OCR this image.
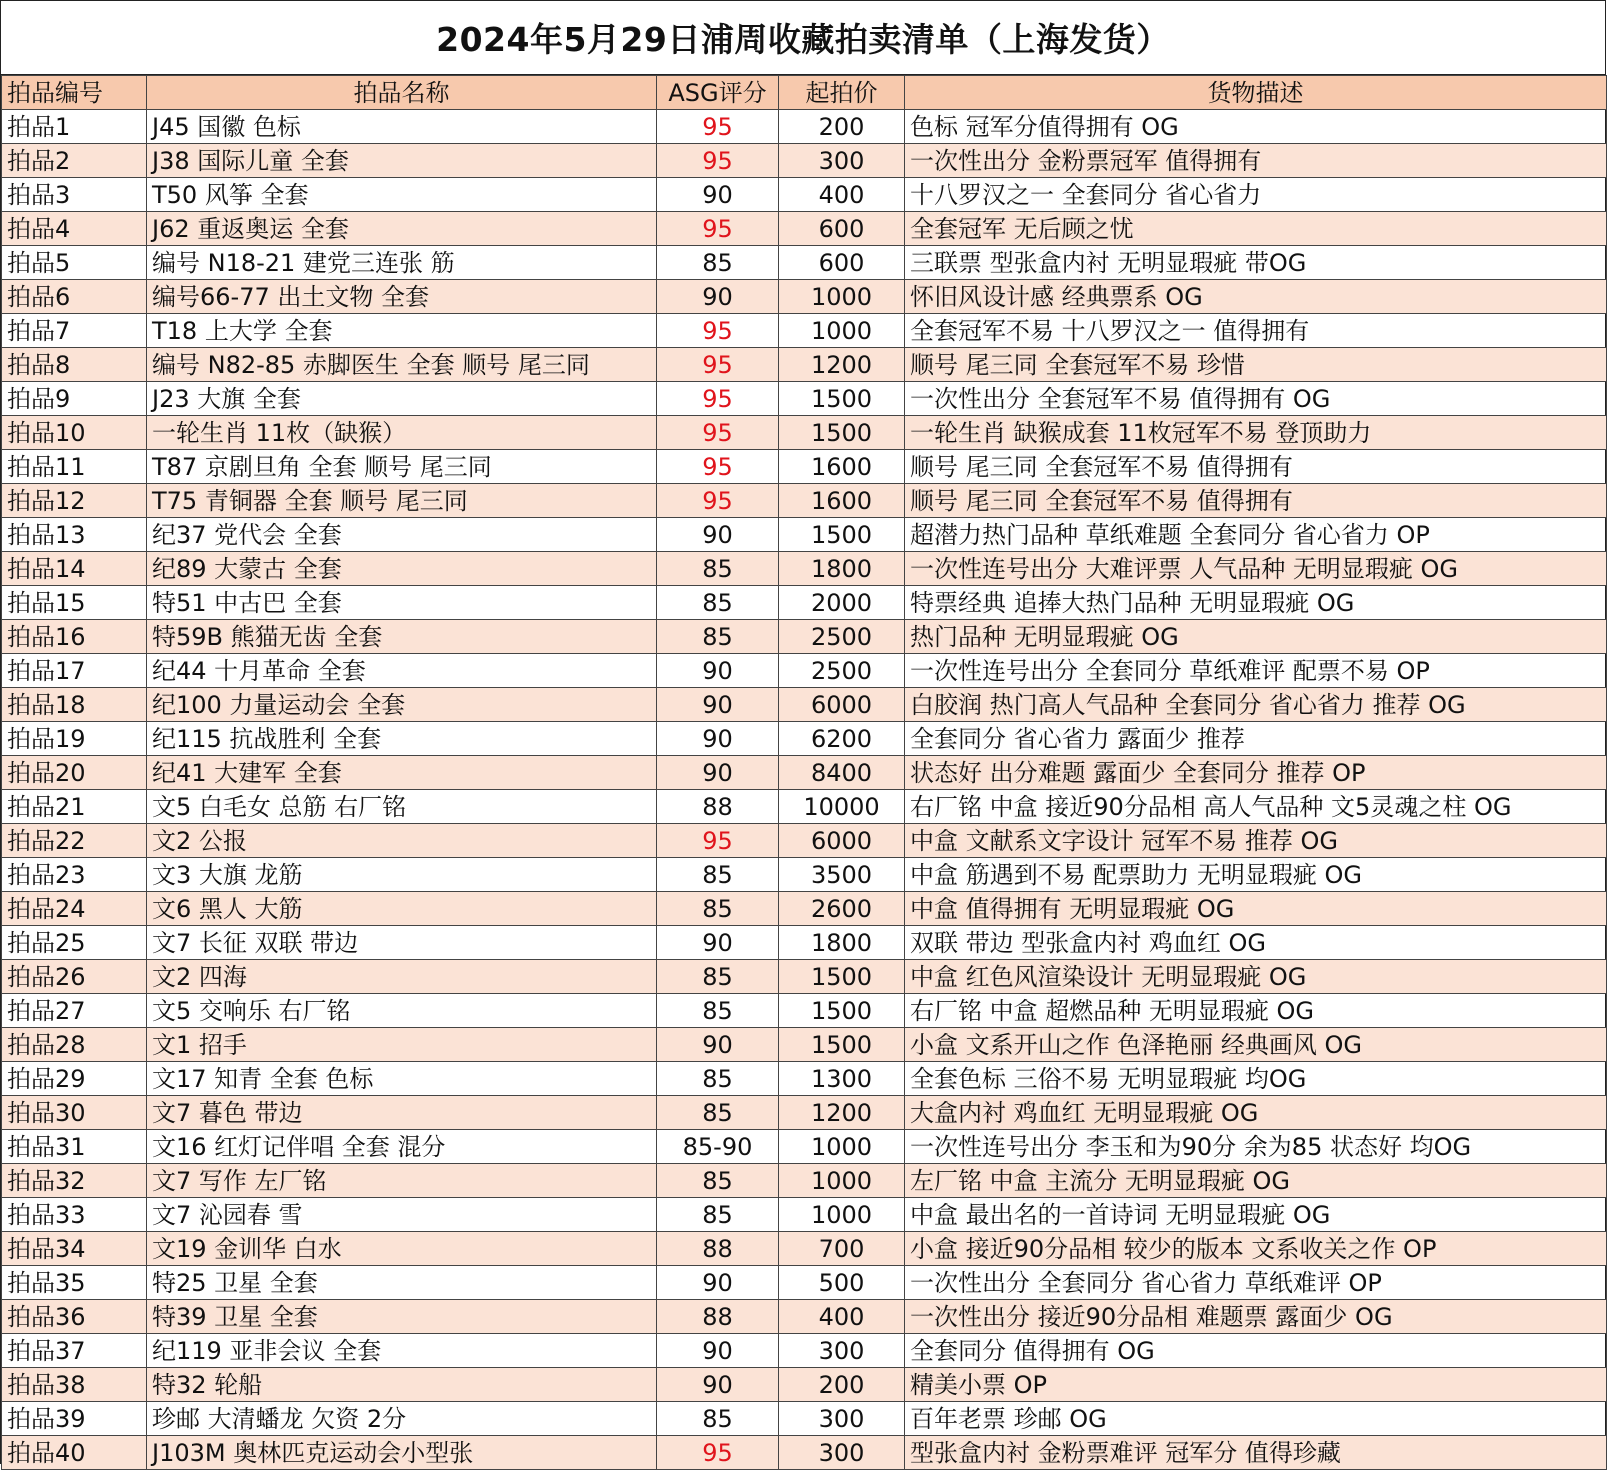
2024年5月29日浦周收藏拍卖清单（上海发货）
拍品编号	拍品名称	ASG评分	起拍价	货物描述
拍品1	J45 国徽 色标	95	200	色标 冠军分值得拥有 OG
拍品2	J38 国际儿童 全套	95	300	一次性出分 金粉票冠军 值得拥有
拍品3	T50 风筝 全套	90	400	十八罗汉之一 全套同分 省心省力
拍品4	J62 重返奥运 全套	95	600	全套冠军 无后顾之忧
拍品5	编号 N18-21 建党三连张 筋	85	600	三联票 型张盒内衬 无明显瑕疵 带OG
拍品6	编号66-77 出土文物 全套	90	1000	怀旧风设计感 经典票系 OG
拍品7	T18 上大学 全套	95	1000	全套冠军不易 十八罗汉之一 值得拥有
拍品8	编号 N82-85 赤脚医生 全套 顺号 尾三同	95	1200	顺号 尾三同 全套冠军不易 珍惜
拍品9	J23 大旗 全套	95	1500	一次性出分 全套冠军不易 值得拥有 OG
拍品10	一轮生肖 11枚（缺猴）	95	1500	一轮生肖 缺猴成套 11枚冠军不易 登顶助力
拍品11	T87 京剧旦角 全套 顺号 尾三同	95	1600	顺号 尾三同 全套冠军不易 值得拥有
拍品12	T75 青铜器 全套 顺号 尾三同	95	1600	顺号 尾三同 全套冠军不易 值得拥有
拍品13	纪37 党代会 全套	90	1500	超潜力热门品种 草纸难题 全套同分 省心省力 OP
拍品14	纪89 大蒙古 全套	85	1800	一次性连号出分 大难评票 人气品种 无明显瑕疵 OG
拍品15	特51 中古巴 全套	85	2000	特票经典 追捧大热门品种 无明显瑕疵 OG
拍品16	特59B 熊猫无齿 全套	85	2500	热门品种 无明显瑕疵 OG
拍品17	纪44 十月革命 全套	90	2500	一次性连号出分 全套同分 草纸难评 配票不易 OP
拍品18	纪100 力量运动会 全套	90	6000	白胶润 热门高人气品种 全套同分 省心省力 推荐 OG
拍品19	纪115 抗战胜利 全套	90	6200	全套同分 省心省力 露面少 推荐
拍品20	纪41 大建军 全套	90	8400	状态好 出分难题 露面少 全套同分 推荐 OP
拍品21	文5 白毛女 总筋 右厂铭	88	10000	右厂铭 中盒 接近90分品相 高人气品种 文5灵魂之柱 OG
拍品22	文2 公报	95	6000	中盒 文献系文字设计 冠军不易 推荐 OG
拍品23	文3 大旗 龙筋	85	3500	中盒 筋遇到不易 配票助力 无明显瑕疵 OG
拍品24	文6 黑人 大筋	85	2600	中盒 值得拥有 无明显瑕疵 OG
拍品25	文7 长征 双联 带边	90	1800	双联 带边 型张盒内衬 鸡血红 OG
拍品26	文2 四海	85	1500	中盒 红色风渲染设计 无明显瑕疵 OG
拍品27	文5 交响乐 右厂铭	85	1500	右厂铭 中盒 超燃品种 无明显瑕疵 OG
拍品28	文1 招手	90	1500	小盒 文系开山之作 色泽艳丽 经典画风 OG
拍品29	文17 知青 全套 色标	85	1300	全套色标 三俗不易 无明显瑕疵 均OG
拍品30	文7 暮色 带边	85	1200	大盒内衬 鸡血红 无明显瑕疵 OG
拍品31	文16 红灯记伴唱 全套 混分	85-90	1000	一次性连号出分 李玉和为90分 余为85 状态好 均OG
拍品32	文7 写作 左厂铭	85	1000	左厂铭 中盒 主流分 无明显瑕疵 OG
拍品33	文7 沁园春 雪	85	1000	中盒 最出名的一首诗词 无明显瑕疵 OG
拍品34	文19 金训华 白水	88	700	小盒 接近90分品相 较少的版本 文系收关之作 OP
拍品35	特25 卫星 全套	90	500	一次性出分 全套同分 省心省力 草纸难评 OP
拍品36	特39 卫星 全套	88	400	一次性出分 接近90分品相 难题票 露面少 OG
拍品37	纪119 亚非会议 全套	90	300	全套同分 值得拥有 OG
拍品38	特32 轮船	90	200	精美小票 OP
拍品39	珍邮 大清蟠龙 欠资 2分	85	300	百年老票 珍邮 OG
拍品40	J103M 奥林匹克运动会小型张	95	300	型张盒内衬 金粉票难评 冠军分 值得珍藏
